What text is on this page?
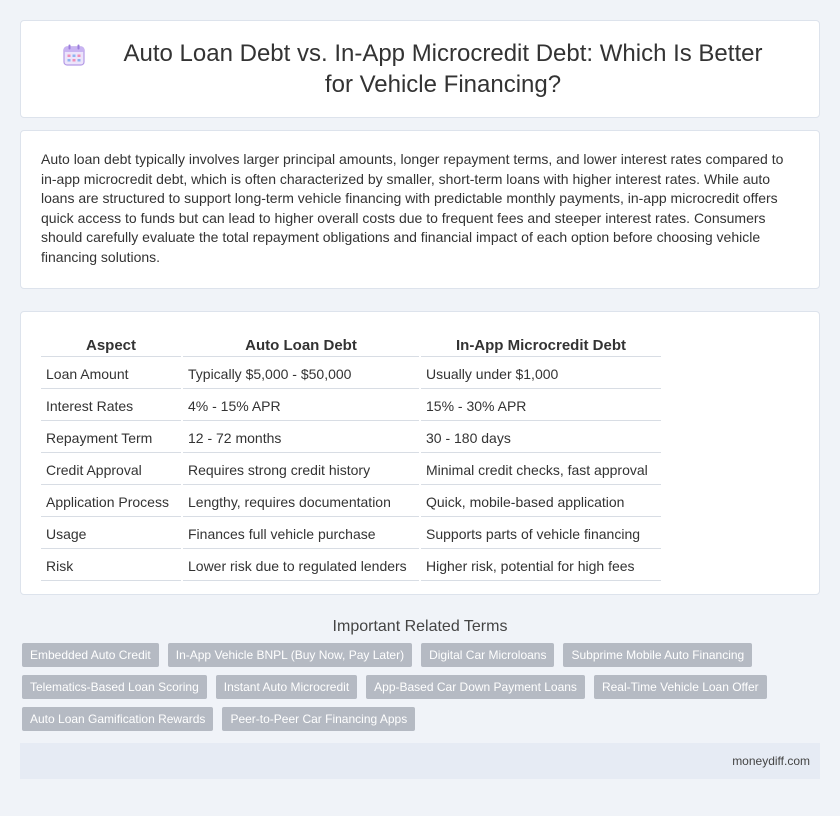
Auto Loan Debt vs. In-App Microcredit Debt: Which Is Better for Vehicle Financing?

Auto loan debt typically involves larger principal amounts, longer repayment terms, and lower interest rates compared to in-app microcredit debt, which is often characterized by smaller, short-term loans with higher interest rates. While auto loans are structured to support long-term vehicle financing with predictable monthly payments, in-app microcredit offers quick access to funds but can lead to higher overall costs due to frequent fees and steeper interest rates. Consumers should carefully evaluate the total repayment obligations and financial impact of each option before choosing vehicle financing solutions.

Aspect	Auto Loan Debt	In-App Microcredit Debt
Loan Amount	Typically $5,000 - $50,000	Usually under $1,000
Interest Rates	4% - 15% APR	15% - 30% APR
Repayment Term	12 - 72 months	30 - 180 days
Credit Approval	Requires strong credit history	Minimal credit checks, fast approval
Application Process	Lengthy, requires documentation	Quick, mobile-based application
Usage	Finances full vehicle purchase	Supports parts of vehicle financing
Risk	Lower risk due to regulated lenders	Higher risk, potential for high fees
Important Related Terms
Embedded Auto Credit	In-App Vehicle BNPL (Buy Now, Pay Later)	Digital Car Microloans	Subprime Mobile Auto Financing
Telematics-Based Loan Scoring	Instant Auto Microcredit	App-Based Car Down Payment Loans	Real-Time Vehicle Loan Offer
Auto Loan Gamification Rewards	Peer-to-Peer Car Financing Apps
moneydiff.com
